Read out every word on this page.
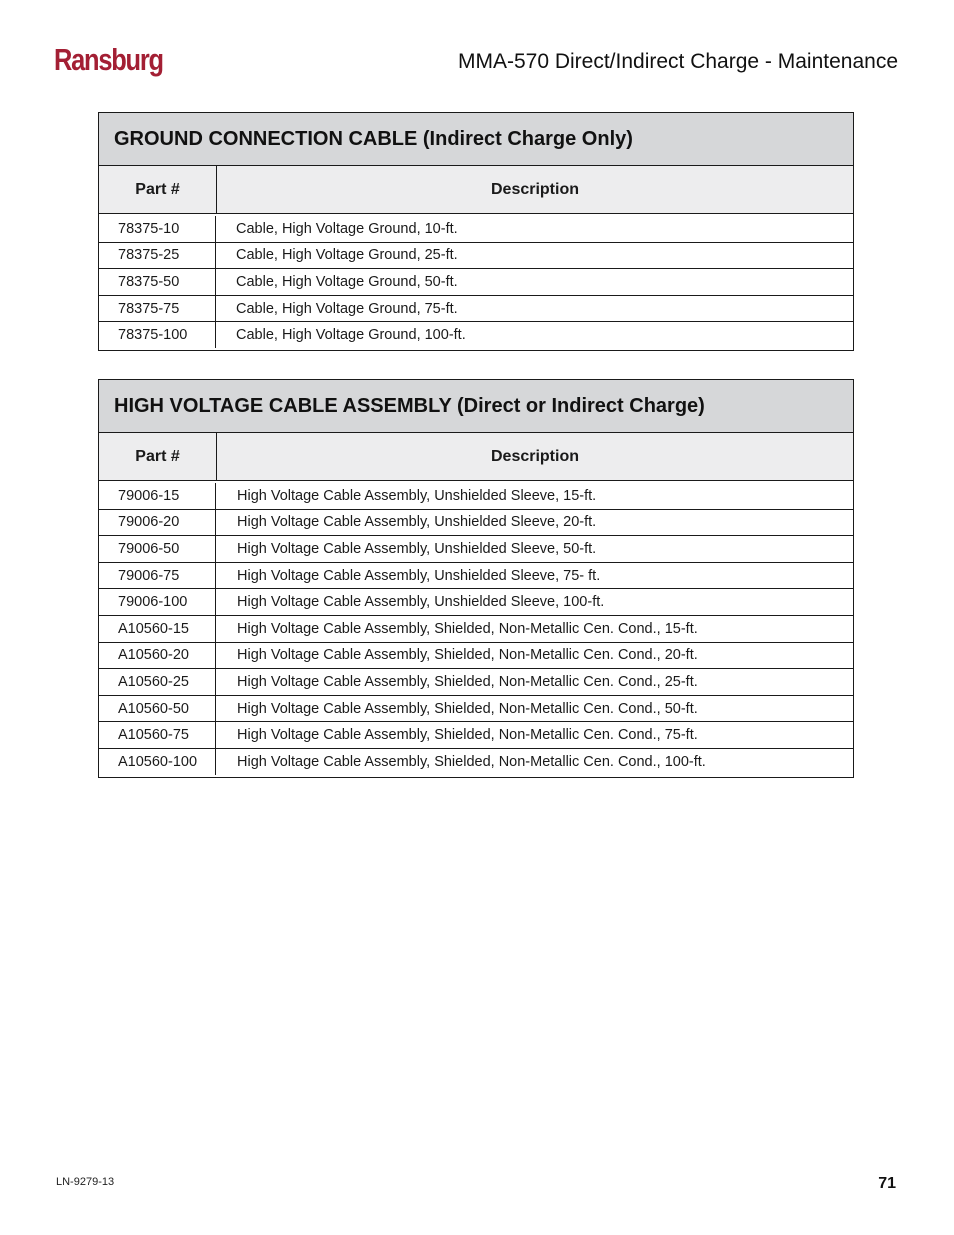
Ransburg	MMA-570 Direct/Indirect Charge - Maintenance
GROUND CONNECTION CABLE (Indirect Charge Only)
Part #	Description
78375-10	Cable, High Voltage Ground, 10-ft.
78375-25	Cable, High Voltage Ground, 25-ft.
78375-50	Cable, High Voltage Ground, 50-ft.
78375-75	Cable, High Voltage Ground, 75-ft.
78375-100	Cable, High Voltage Ground, 100-ft.
HIGH VOLTAGE CABLE ASSEMBLY (Direct or Indirect Charge)
Part #	Description
79006-15	High Voltage Cable Assembly, Unshielded Sleeve, 15-ft.
79006-20	High Voltage Cable Assembly, Unshielded Sleeve, 20-ft.
79006-50	High Voltage Cable Assembly, Unshielded Sleeve, 50-ft.
79006-75	High Voltage Cable Assembly, Unshielded Sleeve, 75- ft.
79006-100	High Voltage Cable Assembly, Unshielded Sleeve, 100-ft.
A10560-15	High Voltage Cable Assembly, Shielded, Non-Metallic Cen. Cond., 15-ft.
A10560-20	High Voltage Cable Assembly, Shielded, Non-Metallic Cen. Cond., 20-ft.
A10560-25	High Voltage Cable Assembly, Shielded, Non-Metallic Cen. Cond., 25-ft.
A10560-50	High Voltage Cable Assembly, Shielded, Non-Metallic Cen. Cond., 50-ft.
A10560-75	High Voltage Cable Assembly, Shielded, Non-Metallic Cen. Cond., 75-ft.
A10560-100	High Voltage Cable Assembly, Shielded, Non-Metallic Cen. Cond., 100-ft.
LN-9279-13	71
